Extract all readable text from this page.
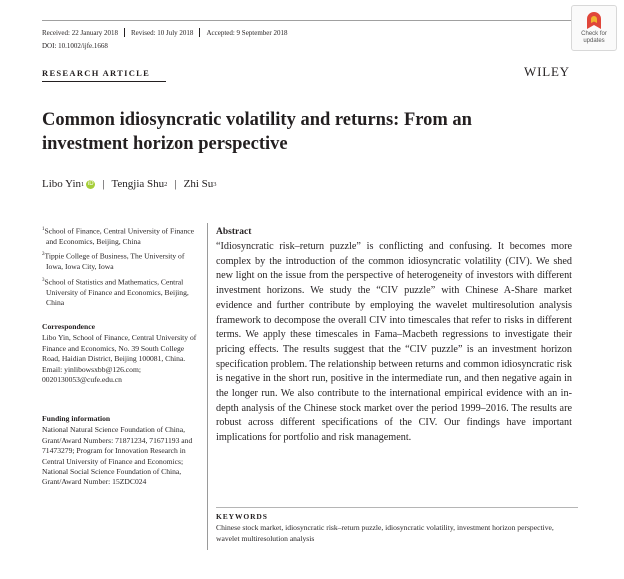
Received: 22 January 2018 Revised: 10 July 2018 Accepted: 9 September 2018
DOI: 10.1002/ijfe.1668
Check for
updates
RESEARCH ARTICLE	WILEY
Common idiosyncratic volatility and returns: From an investment horizon perspective
Libo Yin 1 iD | Tengjia Shu 2 | Zhi Su 3

$^1$School of Finance, Central University of Finance and Economics, Beijing, China

$^2$Tippie College of Business, The University of Iowa, Iowa City, Iowa

$^3$School of Statistics and Mathematics, Central University of Finance and Economics, Beijing, China

Correspondence
Libo Yin, School of Finance, Central University of Finance and Economics, No. 39 South College Road, Haidian District, Beijing 100081, China. Email: yinlibowsxbb@126.com; 0020130053@cufe.edu.cn
Funding information
National Natural Science Foundation of China, Grant/Award Numbers: 71871234, 71671193 and 71473279; Program for Innovation Research in Central University of Finance and Economics; National Social Science Foundation of China, Grant/Award Number: 15ZDC024
Abstract
“Idiosyncratic risk–return puzzle” is conflicting and confusing. It becomes more complex by the introduction of the common idiosyncratic volatility (CIV). We shed new light on the issue from the perspective of heterogeneity of investors with different investment horizons. We study the “CIV puzzle” with Chinese A-Share market evidence and further contribute by employing the wavelet multiresolution analysis framework to decompose the overall CIV into timescales that refer to risks in different terms. We apply these timescales in Fama–Macbeth regressions to investigate their pricing effects. The results suggest that the “CIV puzzle” is an investment horizon specification problem. The relationship between returns and common idiosyncratic risk is negative in the short run, positive in the intermediate run, and then negative again in the longer run. We also contribute to the international empirical evidence with an in-depth analysis of the Chinese stock market over the period 1999–2016. The results are robust across different specifications of the CIV. Our findings have important implications for portfolio and risk management.
KEYWORDS
Chinese stock market, idiosyncratic risk–return puzzle, idiosyncratic volatility, investment horizon perspective, wavelet multiresolution analysis
